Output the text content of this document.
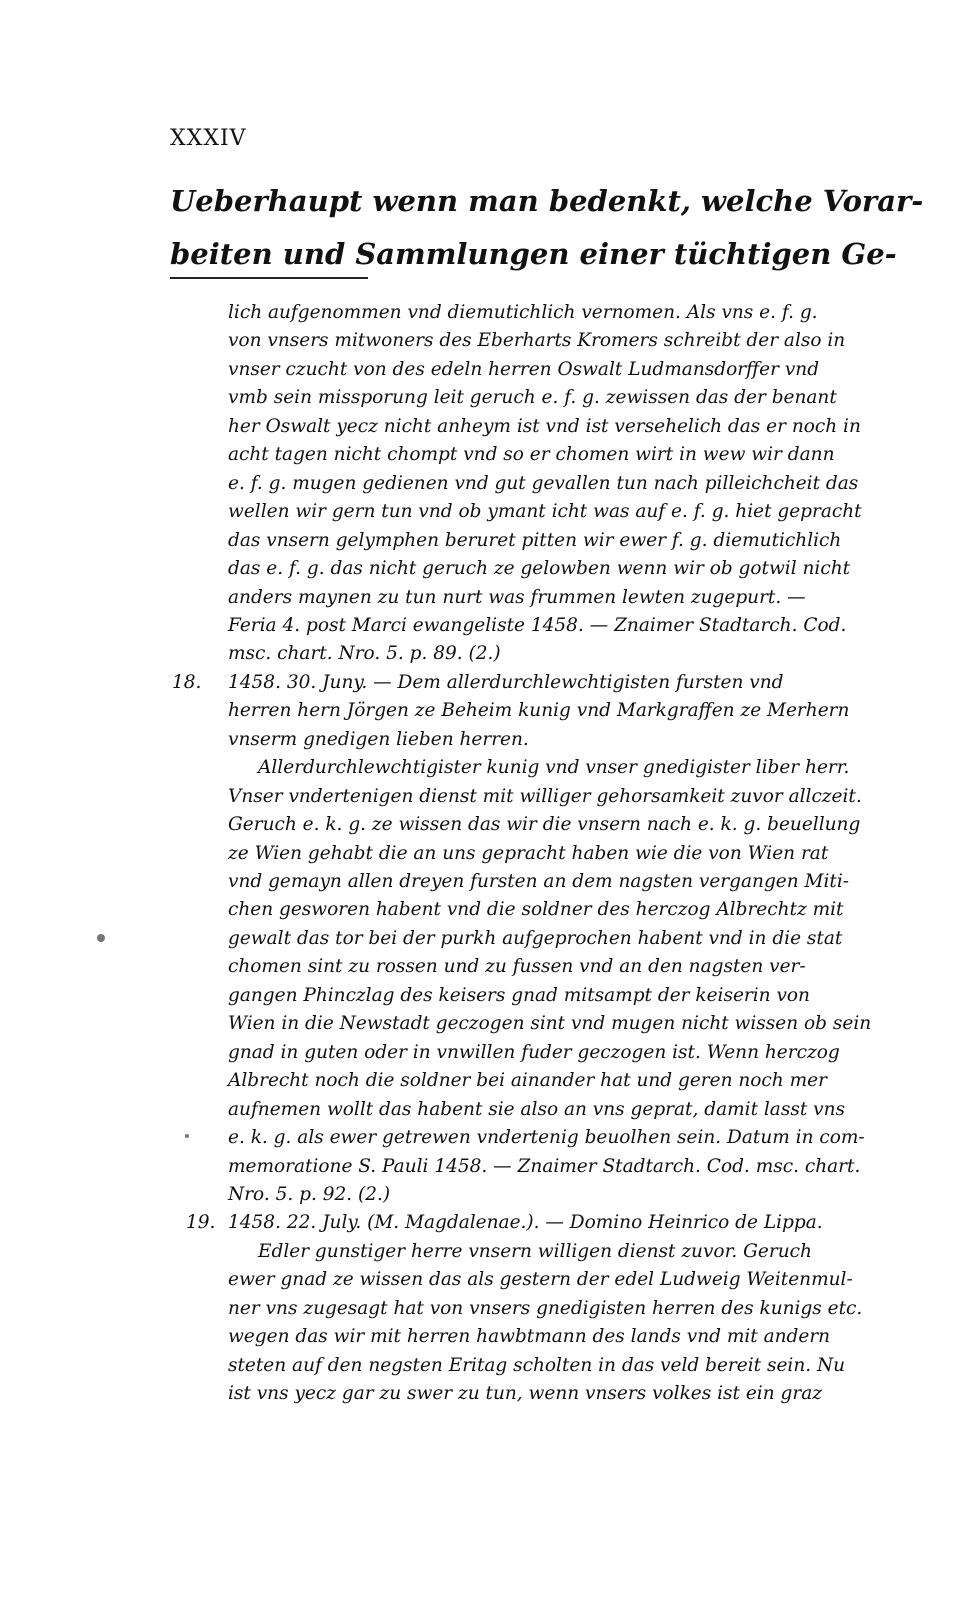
XXXIV
Ueberhaupt wenn man bedenkt, welche Vorar-
beiten und Sammlungen einer tüchtigen Ge-
lich aufgenommen vnd diemutichlich vernomen. Als vns e. f. g.
von vnsers mitwoners des Eberharts Kromers schreibt der also in
vnser czucht von des edeln herren Oswalt Ludmansdorffer vnd
vmb sein missporung leit geruch e. f. g. zewissen das der benant
her Oswalt yecz nicht anheym ist vnd ist versehelich das er noch in
acht tagen nicht chompt vnd so er chomen wirt in wew wir dann
e. f. g. mugen gedienen vnd gut gevallen tun nach pilleichcheit das
wellen wir gern tun vnd ob ymant icht was auf e. f. g. hiet gepracht
das vnsern gelymphen beruret pitten wir ewer f. g. diemutichlich
das e. f. g. das nicht geruch ze gelowben wenn wir ob gotwil nicht
anders maynen zu tun nurt was frummen lewten zugepurt. —
Feria 4. post Marci ewangeliste 1458. — Znaimer Stadtarch. Cod.
msc. chart. Nro. 5. p. 89. (2.)
1458. 30. Juny. — Dem allerdurchlewchtigisten fursten vnd
herren hern Jörgen ze Beheim kunig vnd Markgraffen ze Merhern
vnserm gnedigen lieben herren.
Allerdurchlewchtigister kunig vnd vnser gnedigister liber herr.
Vnser vndertenigen dienst mit williger gehorsamkeit zuvor allczeit.
Geruch e. k. g. ze wissen das wir die vnsern nach e. k. g. beuellung
ze Wien gehabt die an uns gepracht haben wie die von Wien rat
vnd gemayn allen dreyen fursten an dem nagsten vergangen Miti-
chen gesworen habent vnd die soldner des herczog Albrechtz mit
gewalt das tor bei der purkh aufgeprochen habent vnd in die stat
chomen sint zu rossen und zu fussen vnd an den nagsten ver-
gangen Phinczlag des keisers gnad mitsampt der keiserin von
Wien in die Newstadt geczogen sint vnd mugen nicht wissen ob sein
gnad in guten oder in vnwillen fuder geczogen ist. Wenn herczog
Albrecht noch die soldner bei ainander hat und geren noch mer
aufnemen wollt das habent sie also an vns geprat, damit lasst vns
e. k. g. als ewer getrewen vndertenig beuolhen sein. Datum in com-
memoratione S. Pauli 1458. — Znaimer Stadtarch. Cod. msc. chart.
Nro. 5. p. 92. (2.)
1458. 22. July. (M. Magdalenae.). — Domino Heinrico de Lippa.
Edler gunstiger herre vnsern willigen dienst zuvor. Geruch
ewer gnad ze wissen das als gestern der edel Ludweig Weitenmul-
ner vns zugesagt hat von vnsers gnedigisten herren des kunigs etc.
wegen das wir mit herren hawbtmann des lands vnd mit andern
steten auf den negsten Eritag scholten in das veld bereit sein. Nu
ist vns yecz gar zu swer zu tun, wenn vnsers volkes ist ein graz
18.
19.
